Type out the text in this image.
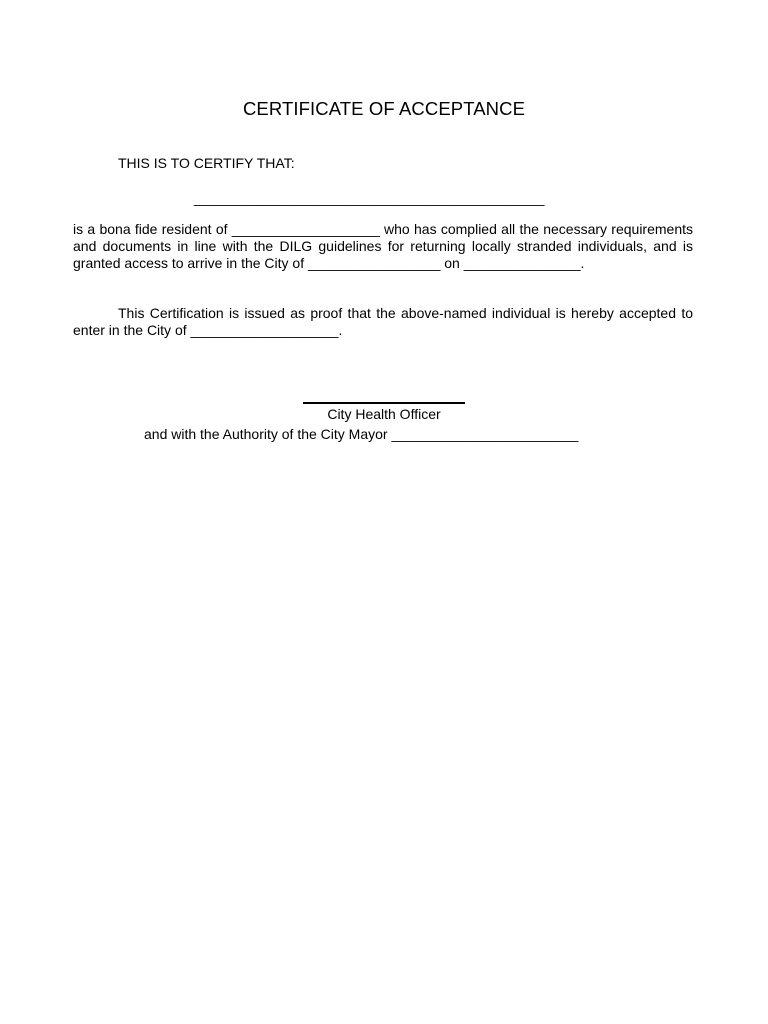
CERTIFICATE OF ACCEPTANCE
THIS IS TO CERTIFY THAT:
_____________________________________________
is a bona fide resident of ___________________ who has complied all the necessary requirements and documents in line with the DILG guidelines for returning locally stranded individuals, and is granted access to arrive in the City of _________________ on _______________.
This Certification is issued as proof that the above-named individual is hereby accepted to enter in the City of ___________________.
City Health Officer
and with the Authority of the City Mayor ________________________
